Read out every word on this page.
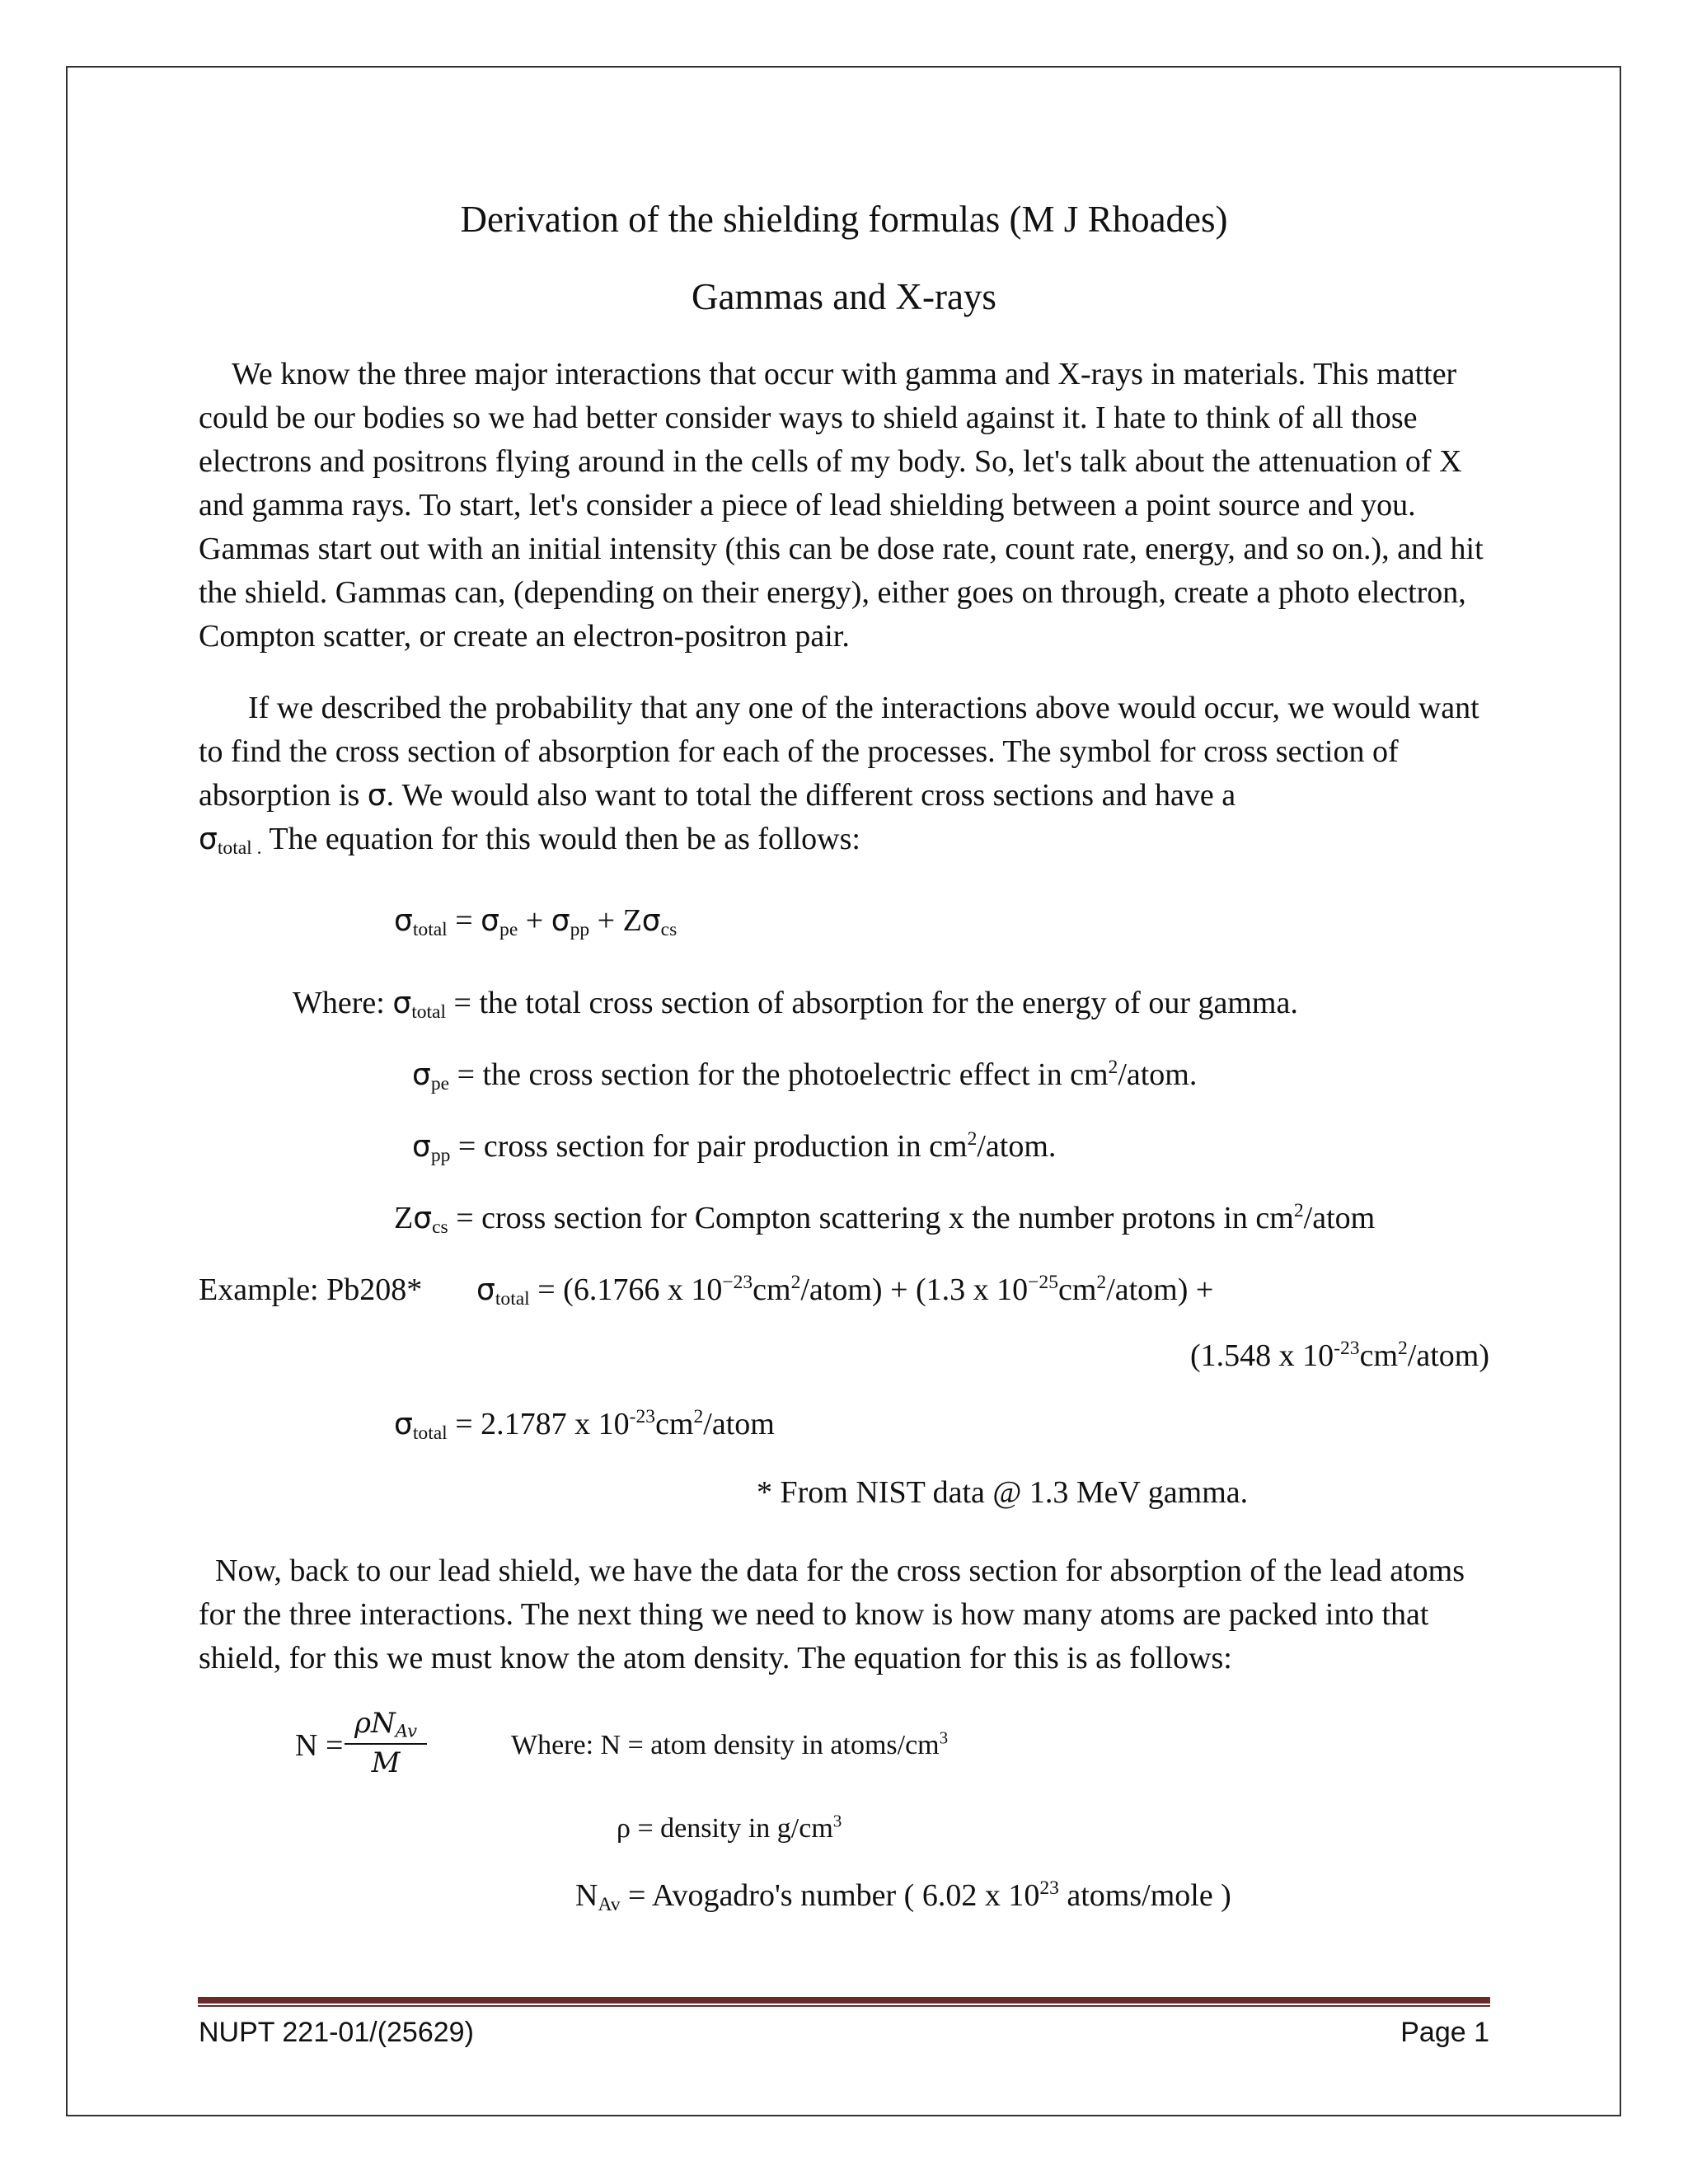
Derivation of the shielding formulas (M J Rhoades)
Gammas and X-rays

We know the three major interactions that occur with gamma and X-rays in materials. This matter could be our bodies so we had better consider ways to shield against it. I hate to think of all those electrons and positrons flying around in the cells of my body. So, let's talk about the attenuation of X and gamma rays. To start, let's consider a piece of lead shielding between a point source and you. Gammas start out with an initial intensity (this can be dose rate, count rate, energy, and so on.), and hit the shield. Gammas can, (depending on their energy), either goes on through, create a photo electron, Compton scatter, or create an electron-positron pair.

If we described the probability that any one of the interactions above would occur, we would want to find the cross section of absorption for each of the processes. The symbol for cross section of absorption is σ. We would also want to total the different cross sections and have a
$\sigma_{total .}$ The equation for this would then be as follows:

$\sigma_{total} = \sigma_{pe} + \sigma_{pp} + Z\sigma_{cs}$
Where: $\sigma_{total}$ = the total cross section of absorption for the energy of our gamma.
$\sigma_{pe}$ = the cross section for the photoelectric effect in $cm^2$/atom.
$\sigma_{pp}$ = cross section for pair production in $cm^2$/atom.
$Z\sigma_{cs}$ = cross section for Compton scattering x the number protons in $cm^2$/atom
Example: Pb208* $\sigma_{total} = (6.1766$ x $10^{-23}cm^2/atom) + (1.3$ x $10^{-25}cm^2/atom$) +
(1.548 x $10^{-23}cm^2/atom$)
$\sigma_{total} = 2.1787$ x $10^{-23}cm^2$/atom
* From NIST data @ 1.3 MeV gamma.

Now, back to our lead shield, we have the data for the cross section for absorption of the lead atoms for the three interactions. The next thing we need to know is how many atoms are packed into that shield, for this we must know the atom density. The equation for this is as follows:

N =
$\rho N_{Av}$
M
Where: N = atom density in atoms/$cm^3$
ρ = density in $g/cm^3$
$N_{Av}$ = Avogadro's number ( 6.02 x $10^{23}$ atoms/mole )
NUPT 221-01/(25629)	Page 1
